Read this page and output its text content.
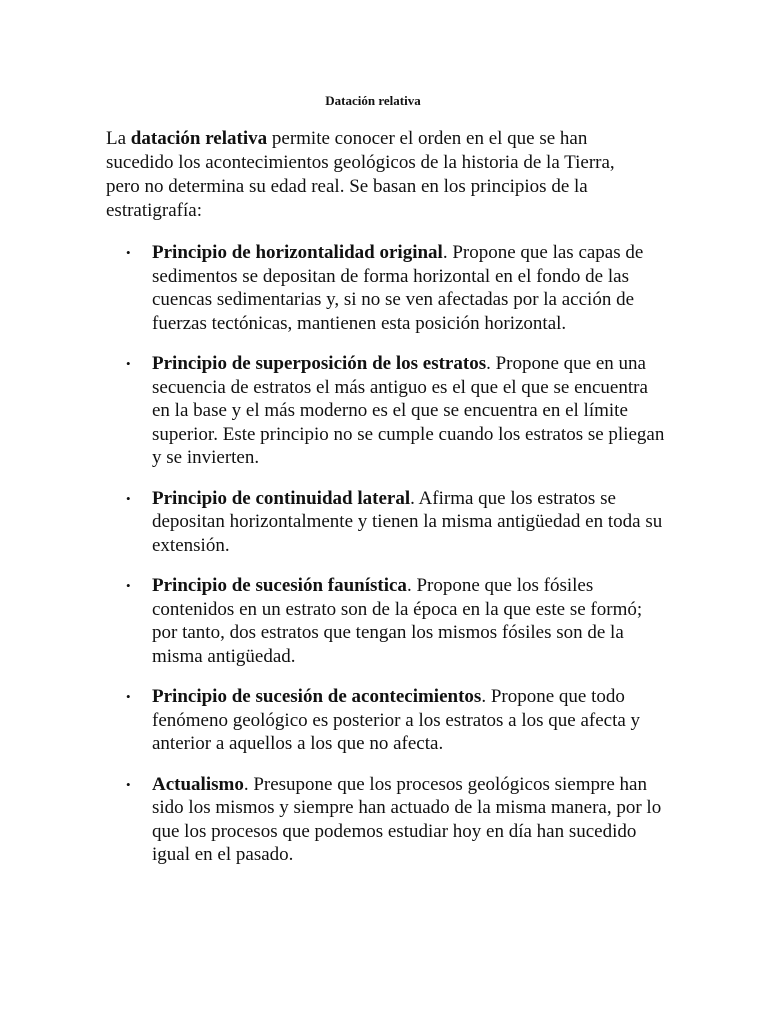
Datación relativa

La datación relativa permite conocer el orden en el que se han sucedido los acontecimientos geológicos de la historia de la Tierra, pero no determina su edad real. Se basan en los principios de la estratigrafía:

• Principio de horizontalidad original. Propone que las capas de sedimentos se depositan de forma horizontal en el fondo de las cuencas sedimentarias y, si no se ven afectadas por la acción de fuerzas tectónicas, mantienen esta posición horizontal.
• Principio de superposición de los estratos. Propone que en una secuencia de estratos el más antiguo es el que el que se encuentra en la base y el más moderno es el que se encuentra en el límite superior. Este principio no se cumple cuando los estratos se pliegan y se invierten.
• Principio de continuidad lateral. Afirma que los estratos se depositan horizontalmente y tienen la misma antigüedad en toda su extensión.
• Principio de sucesión faunística. Propone que los fósiles contenidos en un estrato son de la época en la que este se formó; por tanto, dos estratos que tengan los mismos fósiles son de la misma antigüedad.
• Principio de sucesión de acontecimientos. Propone que todo fenómeno geológico es posterior a los estratos a los que afecta y anterior a aquellos a los que no afecta.
• Actualismo. Presupone que los procesos geológicos siempre han sido los mismos y siempre han actuado de la misma manera, por lo que los procesos que podemos estudiar hoy en día han sucedido igual en el pasado.
